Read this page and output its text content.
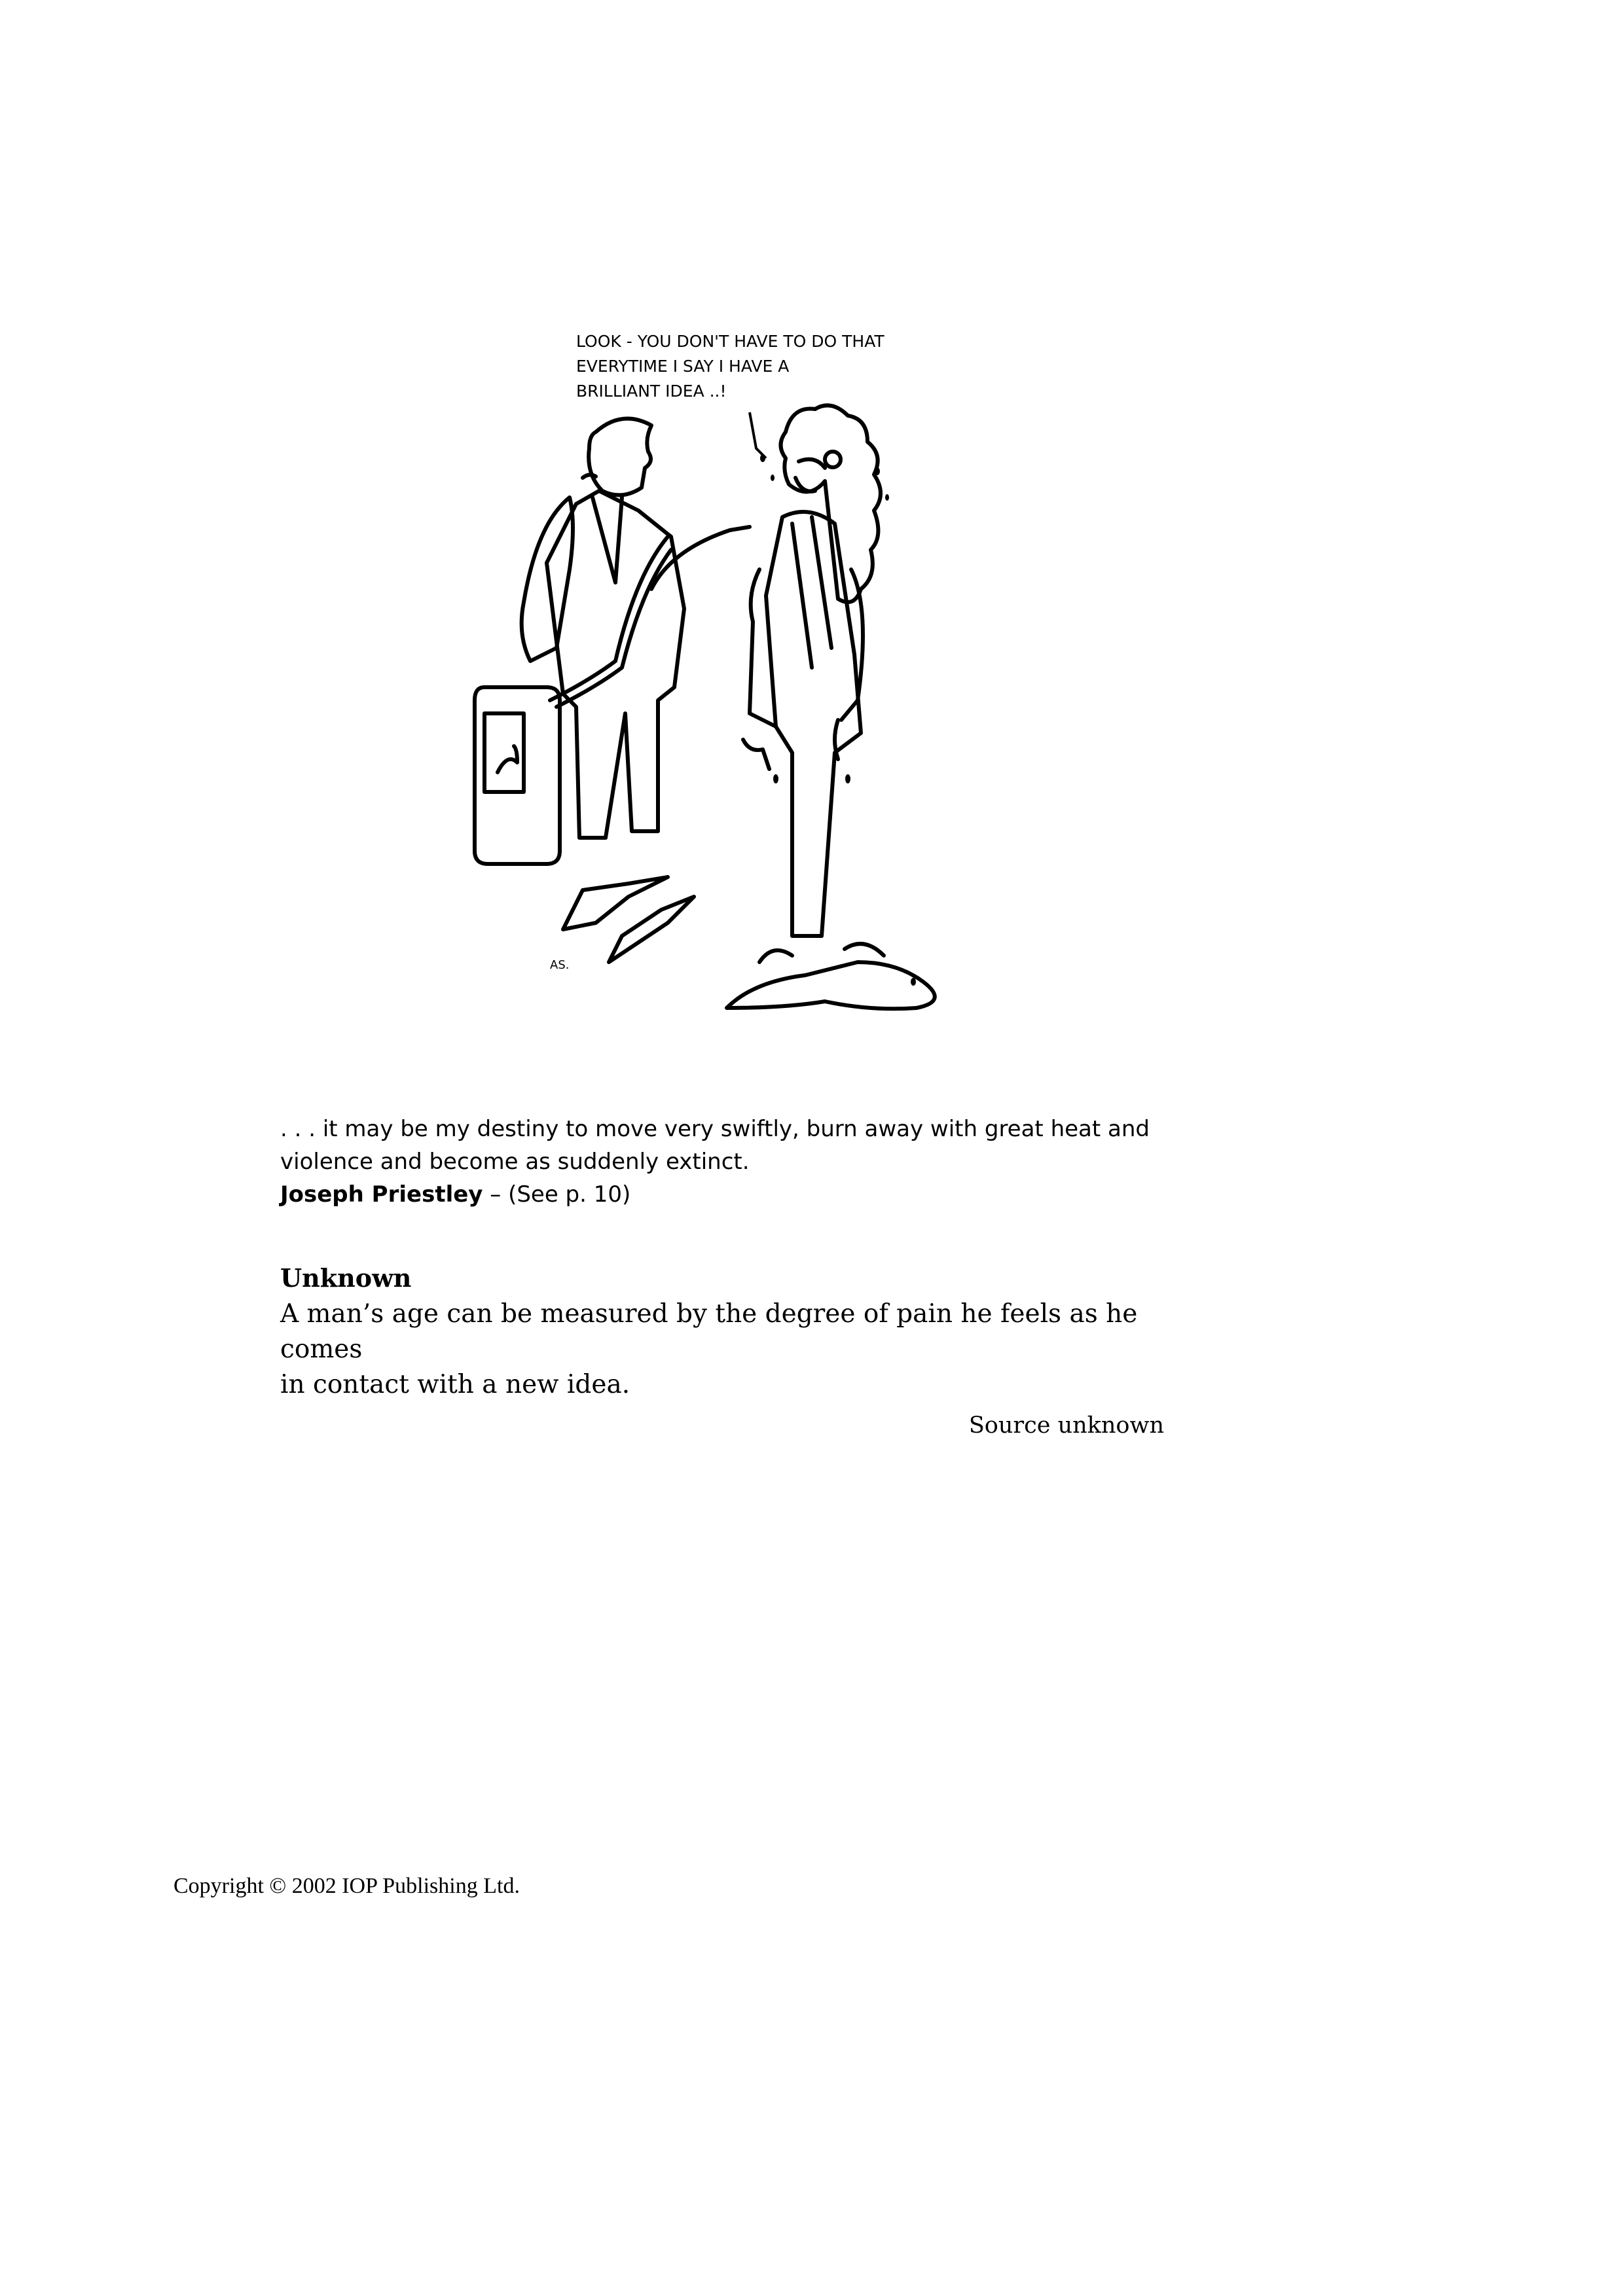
LOOK - YOU DON'T HAVE TO DO THAT
EVERYTIME I SAY I HAVE A
BRILLIANT IDEA ..!
AS.
. . . it may be my destiny to move very swiftly, burn away with great heat and
violence and become as suddenly extinct.
Joseph Priestley – (See p. 10)
Unknown
A man’s age can be measured by the degree of pain he feels as he comes
in contact with a new idea.
Source unknown
Copyright © 2002 IOP Publishing Ltd.
